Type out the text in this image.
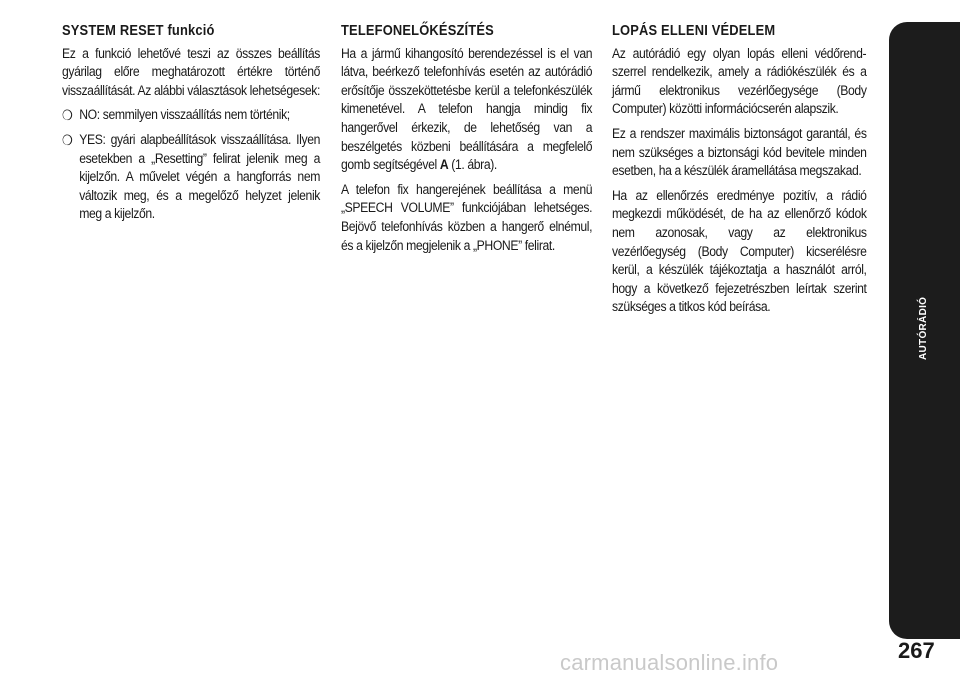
SYSTEM RESET funkció

Ez a funkció lehetővé teszi az összes beállítás gyárilag előre meghatározott értékre történő visszaállítását. Az alábbi választások lehetségesek:

❍ NO: semmilyen visszaállítás nem történik;
❍ YES: gyári alapbeállítások visszaállítása. Ilyen esetekben a „Resetting” felirat jelenik meg a kijelzőn. A művelet végén a hangforrás nem változik meg, és a megelőző helyzet jelenik meg a kijelzőn.
TELEFONELŐKÉSZÍTÉS

Ha a jármű kihangosító berendezéssel is el van látva, beérkező telefonhívás esetén az autórádió erősítője összeköttetésbe kerül a telefonkészülék kimenetével. A telefon hangja mindig fix hangerővel érkezik, de lehetőség van a beszélgetés közbeni beállítására a megfelelő gomb segítségével A (1. ábra).

A telefon fix hangerejének beállítása a menü „SPEECH VOLUME” funkciójában lehetséges. Bejövő telefonhívás közben a hangerő elnémul, és a kijelzőn megjelenik a „PHONE” felirat.

LOPÁS ELLENI VÉDELEM

Az autórádió egy olyan lopás elleni védőrendszerrel rendelkezik, amely a rádiókészülék és a jármű elektronikus vezérlőegysége (Body Computer) közötti információcserén alapszik.

Ez a rendszer maximális biztonságot garantál, és nem szükséges a biztonsági kód bevitele minden esetben, ha a készülék áramellátása megszakad.

Ha az ellenőrzés eredménye pozitív, a rádió megkezdi működését, de ha az ellenőrző kódok nem azonosak, vagy az elektronikus vezérlőegység (Body Computer) kicserélésre kerül, a készülék tájékoztatja a használót arról, hogy a következő fejezetrészben leírtak szerint szükséges a titkos kód beírása.	AUTÓRÁDIÓ
267
carmanualsonline.info
